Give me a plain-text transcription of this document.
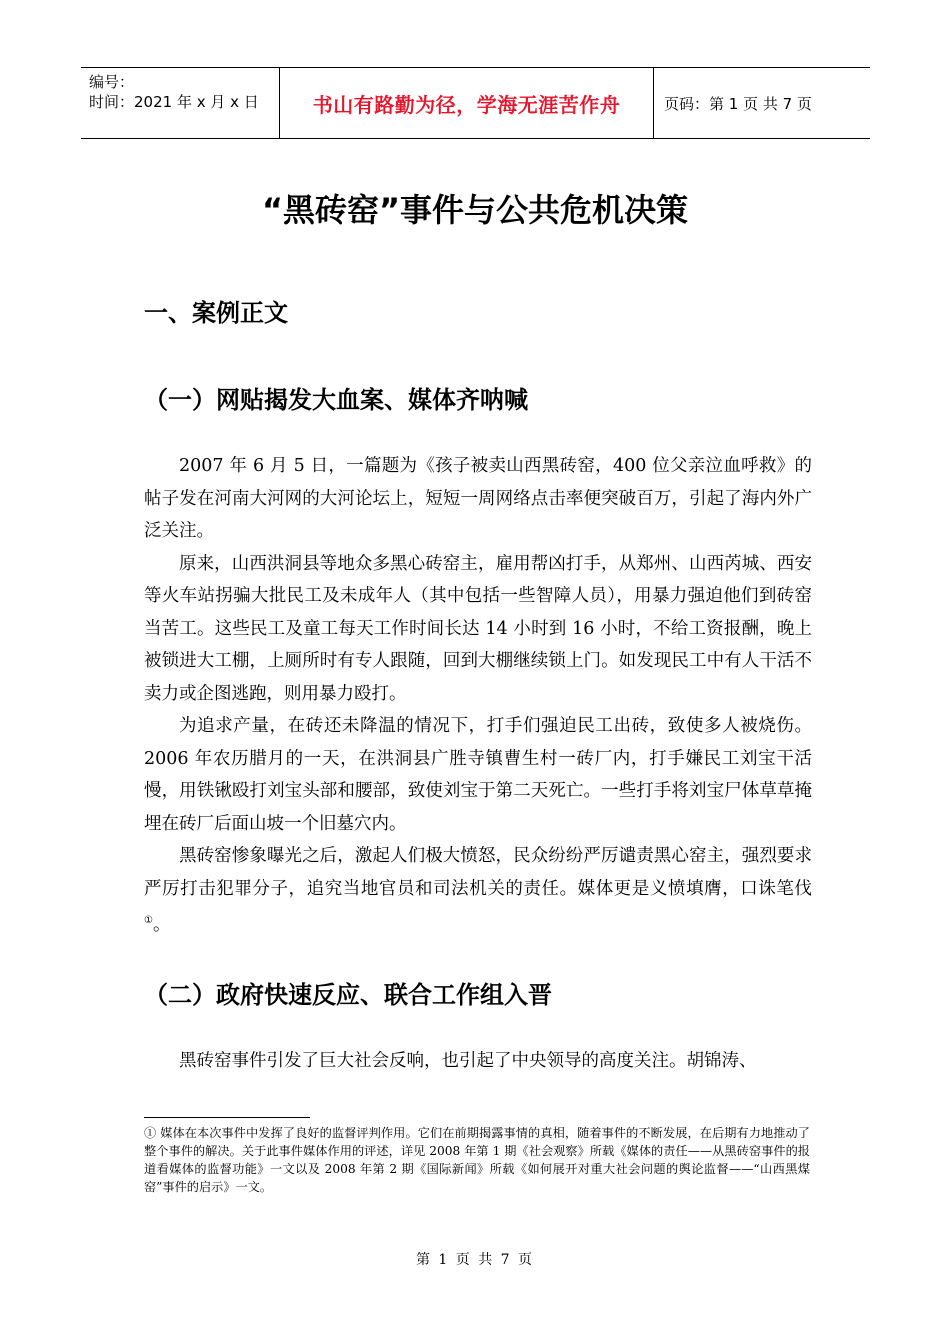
编号：
时间：2021 年 x 月 x 日	书山有路勤为径，学海无涯苦作舟	页码：第 1 页 共 7 页
“黑砖窑”事件与公共危机决策
一、案例正文
（一）网贴揭发大血案、媒体齐呐喊

2007 年 6 月 5 日，一篇题为《孩子被卖山西黑砖窑，400 位父亲泣血呼救》的帖子发在河南大河网的大河论坛上，短短一周网络点击率便突破百万，引起了海内外广泛关注。

原来，山西洪洞县等地众多黑心砖窑主，雇用帮凶打手，从郑州、山西芮城、西安等火车站拐骗大批民工及未成年人（其中包括一些智障人员），用暴力强迫他们到砖窑当苦工。这些民工及童工每天工作时间长达 14 小时到 16 小时，不给工资报酬，晚上被锁进大工棚，上厕所时有专人跟随，回到大棚继续锁上门。如发现民工中有人干活不卖力或企图逃跑，则用暴力殴打。

为追求产量，在砖还未降温的情况下，打手们强迫民工出砖，致使多人被烧伤。2006 年农历腊月的一天，在洪洞县广胜寺镇曹生村一砖厂内，打手嫌民工刘宝干活慢，用铁锹殴打刘宝头部和腰部，致使刘宝于第二天死亡。一些打手将刘宝尸体草草掩埋在砖厂后面山坡一个旧墓穴内。

黑砖窑惨象曝光之后，激起人们极大愤怒，民众纷纷严厉谴责黑心窑主，强烈要求严厉打击犯罪分子，追究当地官员和司法机关的责任。媒体更是义愤填膺，口诛笔伐①。

（二）政府快速反应、联合工作组入晋

黑砖窑事件引发了巨大社会反响，也引起了中央领导的高度关注。胡锦涛、

① 媒体在本次事件中发挥了良好的监督评判作用。它们在前期揭露事情的真相，随着事件的不断发展，在后期有力地推动了整个事件的解决。关于此事件媒体作用的评述，详见 2008 年第 1 期《社会观察》所载《媒体的责任——从黑砖窑事件的报道看媒体的监督功能》一文以及 2008 年第 2 期《国际新闻》所载《如何展开对重大社会问题的舆论监督——“山西黑煤窑”事件的启示》一文。
第 1 页 共 7 页
